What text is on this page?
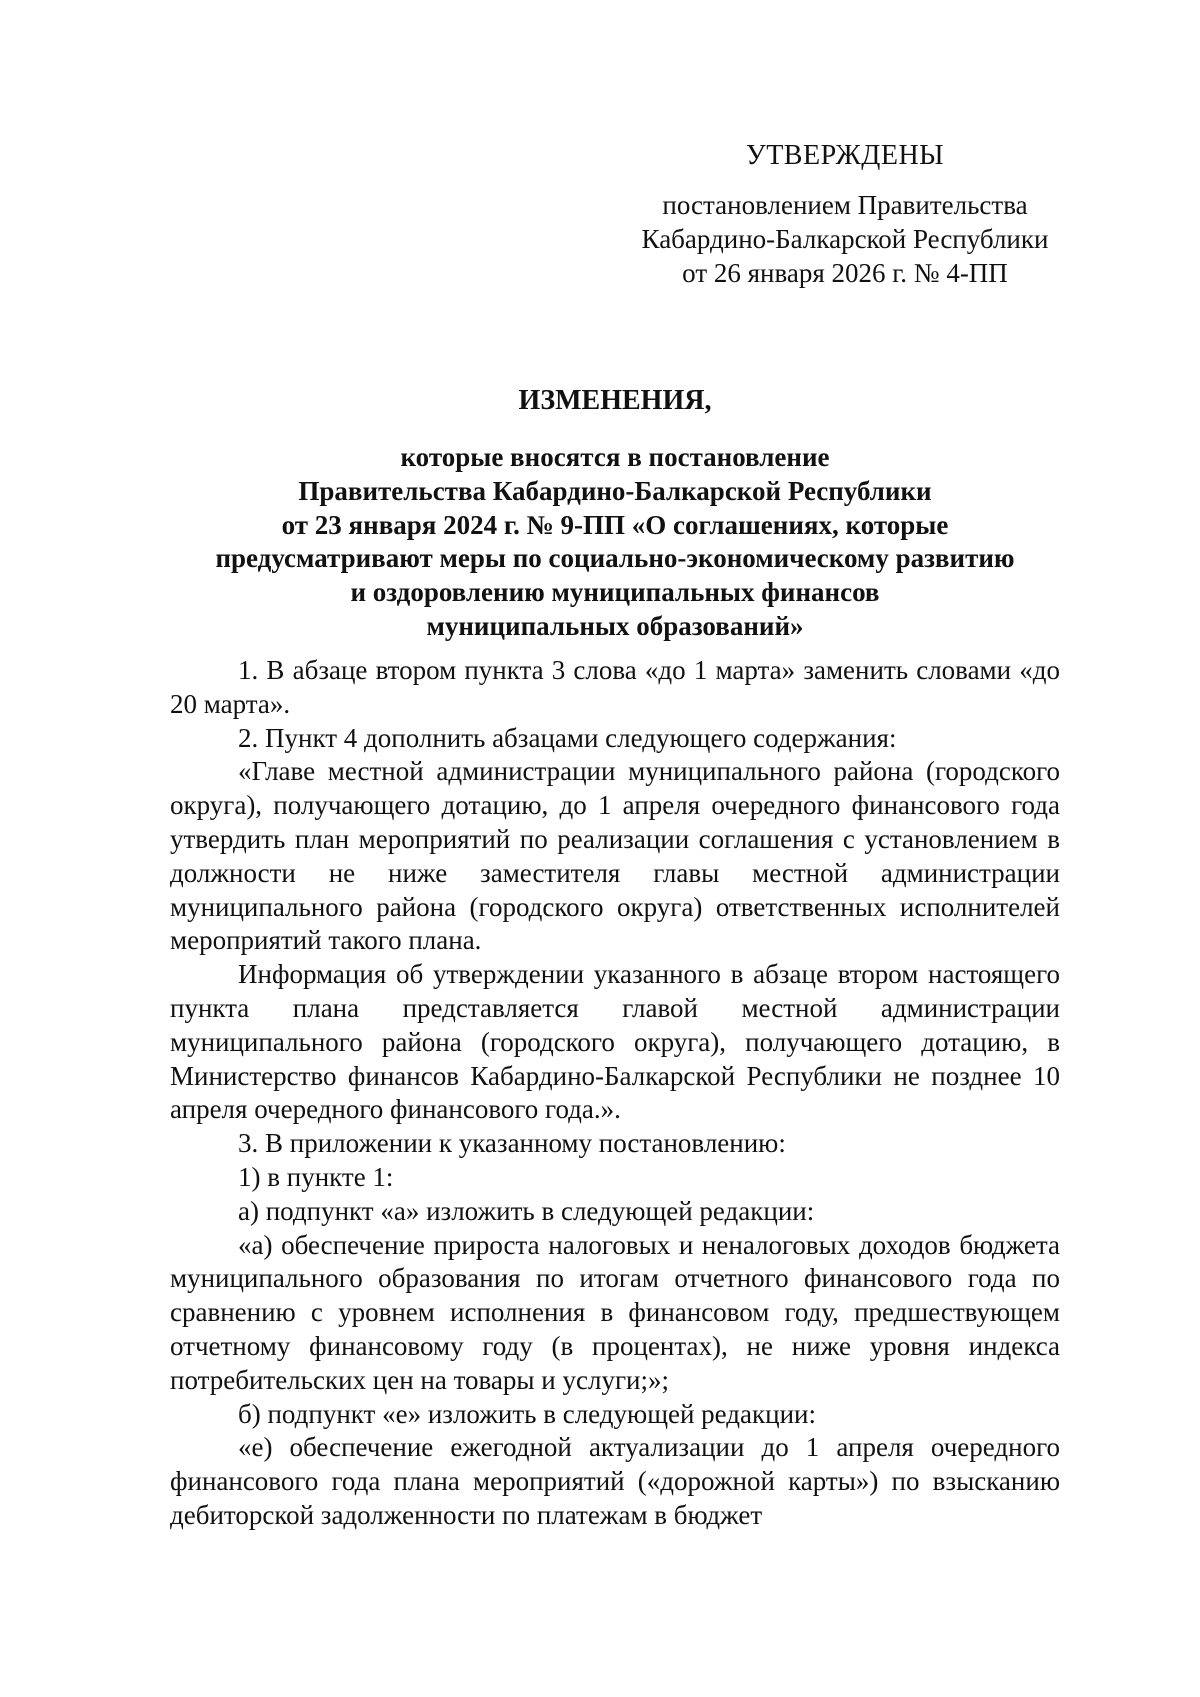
УТВЕРЖДЕНЫ
постановлением Правительства
Кабардино-Балкарской Республики
от 26 января 2026 г. № 4-ПП
ИЗМЕНЕНИЯ,
которые вносятся в постановление
Правительства Кабардино-Балкарской Республики
от 23 января 2024 г. № 9-ПП «О соглашениях, которые
предусматривают меры по социально-экономическому развитию
и оздоровлению муниципальных финансов
муниципальных образований»

1. В абзаце втором пункта 3 слова «до 1 марта» заменить словами «до 20 марта».

2. Пункт 4 дополнить абзацами следующего содержания:

«Главе местной администрации муниципального района (городского округа), получающего дотацию, до 1 апреля очередного финансового года утвердить план мероприятий по реализации соглашения с установлением в должности не ниже заместителя главы местной администрации муниципального района (городского округа) ответственных исполнителей мероприятий такого плана.

Информация об утверждении указанного в абзаце втором настоящего пункта плана представляется главой местной администрации муниципального района (городского округа), получающего дотацию, в Министерство финансов Кабардино-Балкарской Республики не позднее 10 апреля очередного финансового года.».

3. В приложении к указанному постановлению:

1) в пункте 1:

а) подпункт «а» изложить в следующей редакции:

«а) обеспечение прироста налоговых и неналоговых доходов бюджета муниципального образования по итогам отчетного финансового года по сравнению с уровнем исполнения в финансовом году, предшествующем отчетному финансовому году (в процентах), не ниже уровня индекса потребительских цен на товары и услуги;»;

б) подпункт «е» изложить в следующей редакции:

«е) обеспечение ежегодной актуализации до 1 апреля очередного финансового года плана мероприятий («дорожной карты») по взысканию дебиторской задолженности по платежам в бюджет
